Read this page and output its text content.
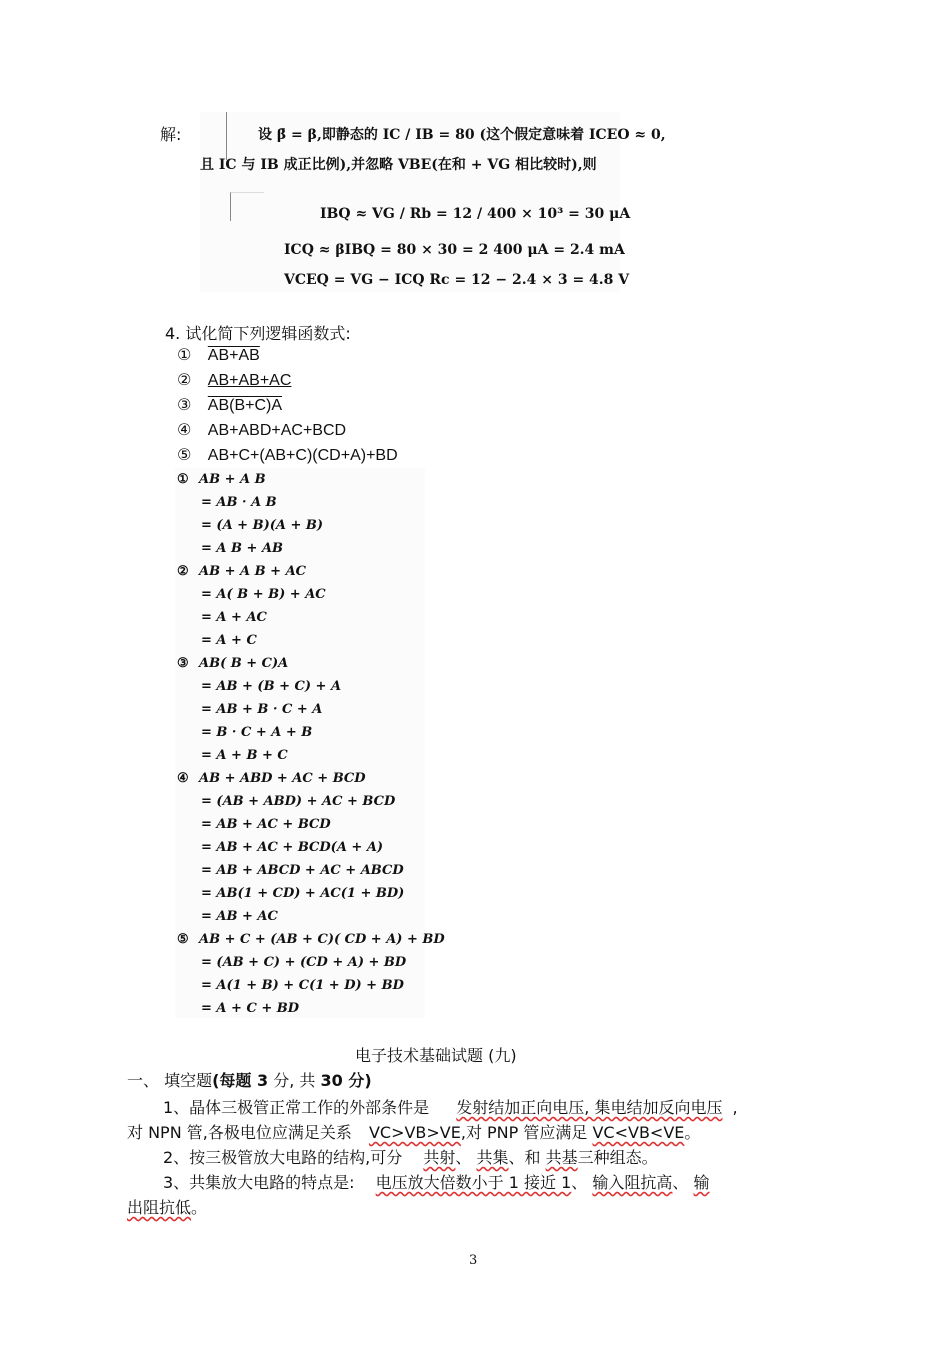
解:	设 β̄ = β,即静态的 IC / IB = 80 (这个假定意味着 ICEO ≈ 0,
且 IC 与 IB 成正比例),并忽略 VBE(在和 + VG 相比较时),则
IBQ ≈ VG / Rb = 12 / 400 × 10³ = 30 μA
ICQ ≈ βIBQ = 80 × 30 = 2 400 μA = 2.4 mA
VCEQ = VG − ICQ Rc = 12 − 2.4 × 3 = 4.8 V
4. 试化简下列逻辑函数式:
① AB+AB
② AB+AB+AC
③ AB(B+C)A
④ AB+ABD+AC+BCD
⑤ AB+C+(AB+C)(CD+A)+BD
① AB + A B
= AB · A B
= (A + B)(A + B)
= A B + AB
② AB + A B + AC
= A( B + B) + AC
= A + AC
= A + C
③ AB( B + C)A
= AB + (B + C) + A
= AB + B · C + A
= B · C + A + B
= A + B + C
④ AB + ABD + AC + BCD
= (AB + ABD) + AC + BCD
= AB + AC + BCD
= AB + AC + BCD(A + A)
= AB + ABCD + AC + ABCD
= AB(1 + CD) + AC(1 + BD)
= AB + AC
⑤ AB + C + (AB + C)( CD + A) + BD
= (AB + C) + (CD + A) + BD
= A(1 + B) + C(1 + D) + BD
= A + C + BD
电子技术基础试题 (九)
一、 填空题(每题 3 分, 共 30 分)
1、晶体三极管正常工作的外部条件是 发射结加正向电压, 集电结加反向电压 ,
对 NPN 管,各极电位应满足关系 VC>VB>VE,对 PNP 管应满足 VC<VB<VE。
2、按三极管放大电路的结构,可分 共射、 共集、和 共基三种组态。
3、共集放大电路的特点是: 电压放大倍数小于 1 接近 1、 输入阻抗高、 输
出阻抗低。
3
